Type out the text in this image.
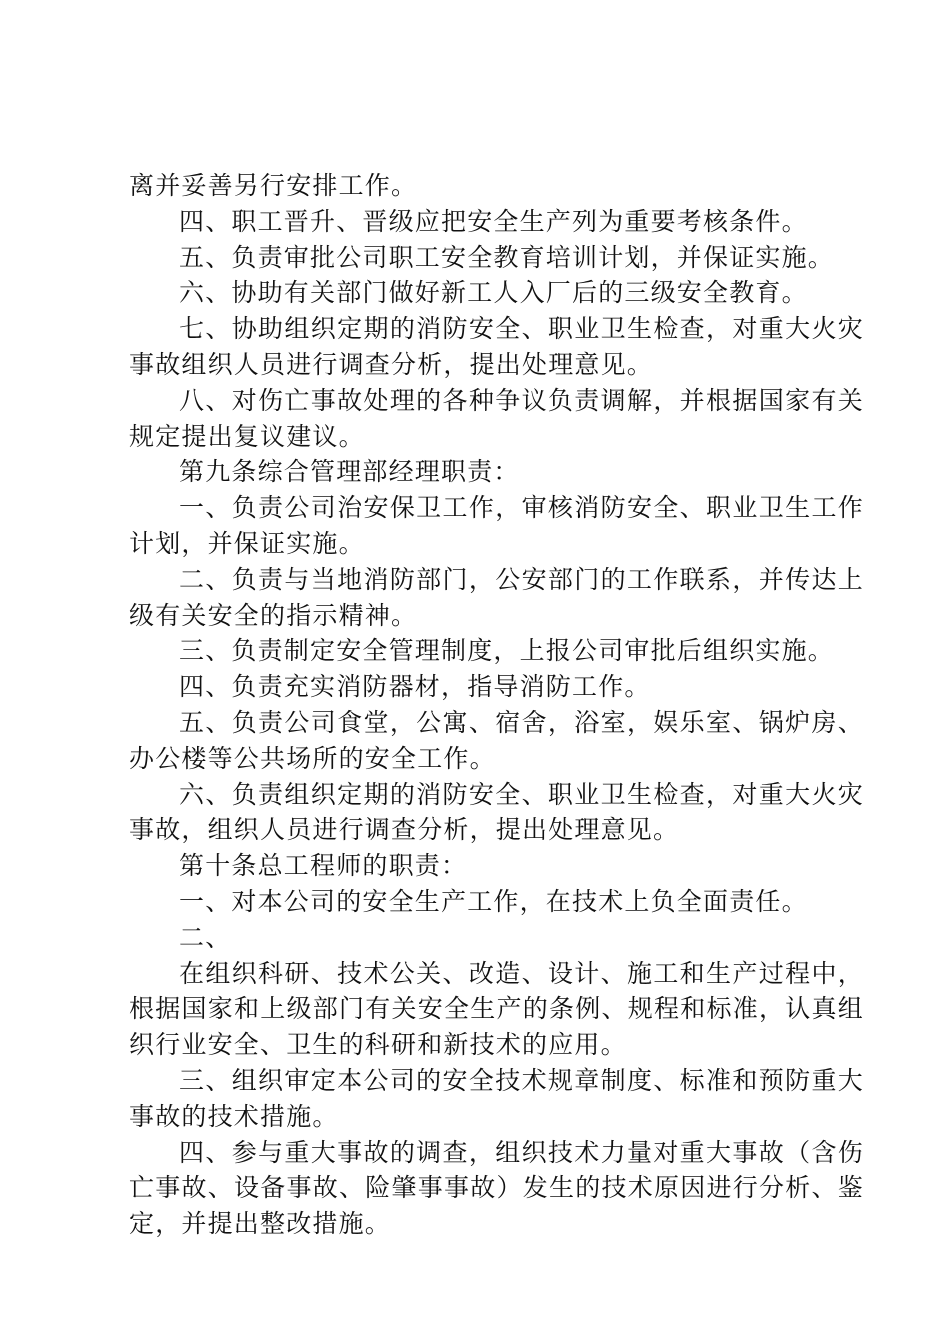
离并妥善另行安排工作。

四、职工晋升、晋级应把安全生产列为重要考核条件。

五、负责审批公司职工安全教育培训计划，并保证实施。

六、协助有关部门做好新工人入厂后的三级安全教育。

七、协助组织定期的消防安全、职业卫生检查，对重大火灾事故组织人员进行调查分析，提出处理意见。

八、对伤亡事故处理的各种争议负责调解，并根据国家有关规定提出复议建议。

第九条综合管理部经理职责：

一、负责公司治安保卫工作，审核消防安全、职业卫生工作计划，并保证实施。

二、负责与当地消防部门，公安部门的工作联系，并传达上级有关安全的指示精神。

三、负责制定安全管理制度，上报公司审批后组织实施。

四、负责充实消防器材，指导消防工作。

五、负责公司食堂，公寓、宿舍，浴室，娱乐室、锅炉房、办公楼等公共场所的安全工作。

六、负责组织定期的消防安全、职业卫生检查，对重大火灾事故，组织人员进行调查分析，提出处理意见。

第十条总工程师的职责：

一、对本公司的安全生产工作，在技术上负全面责任。

二、

在组织科研、技术公关、改造、设计、施工和生产过程中，根据国家和上级部门有关安全生产的条例、规程和标准，认真组织行业安全、卫生的科研和新技术的应用。

三、组织审定本公司的安全技术规章制度、标准和预防重大事故的技术措施。

四、参与重大事故的调查，组织技术力量对重大事故（含伤亡事故、设备事故、险肇事事故）发生的技术原因进行分析、鉴定，并提出整改措施。
